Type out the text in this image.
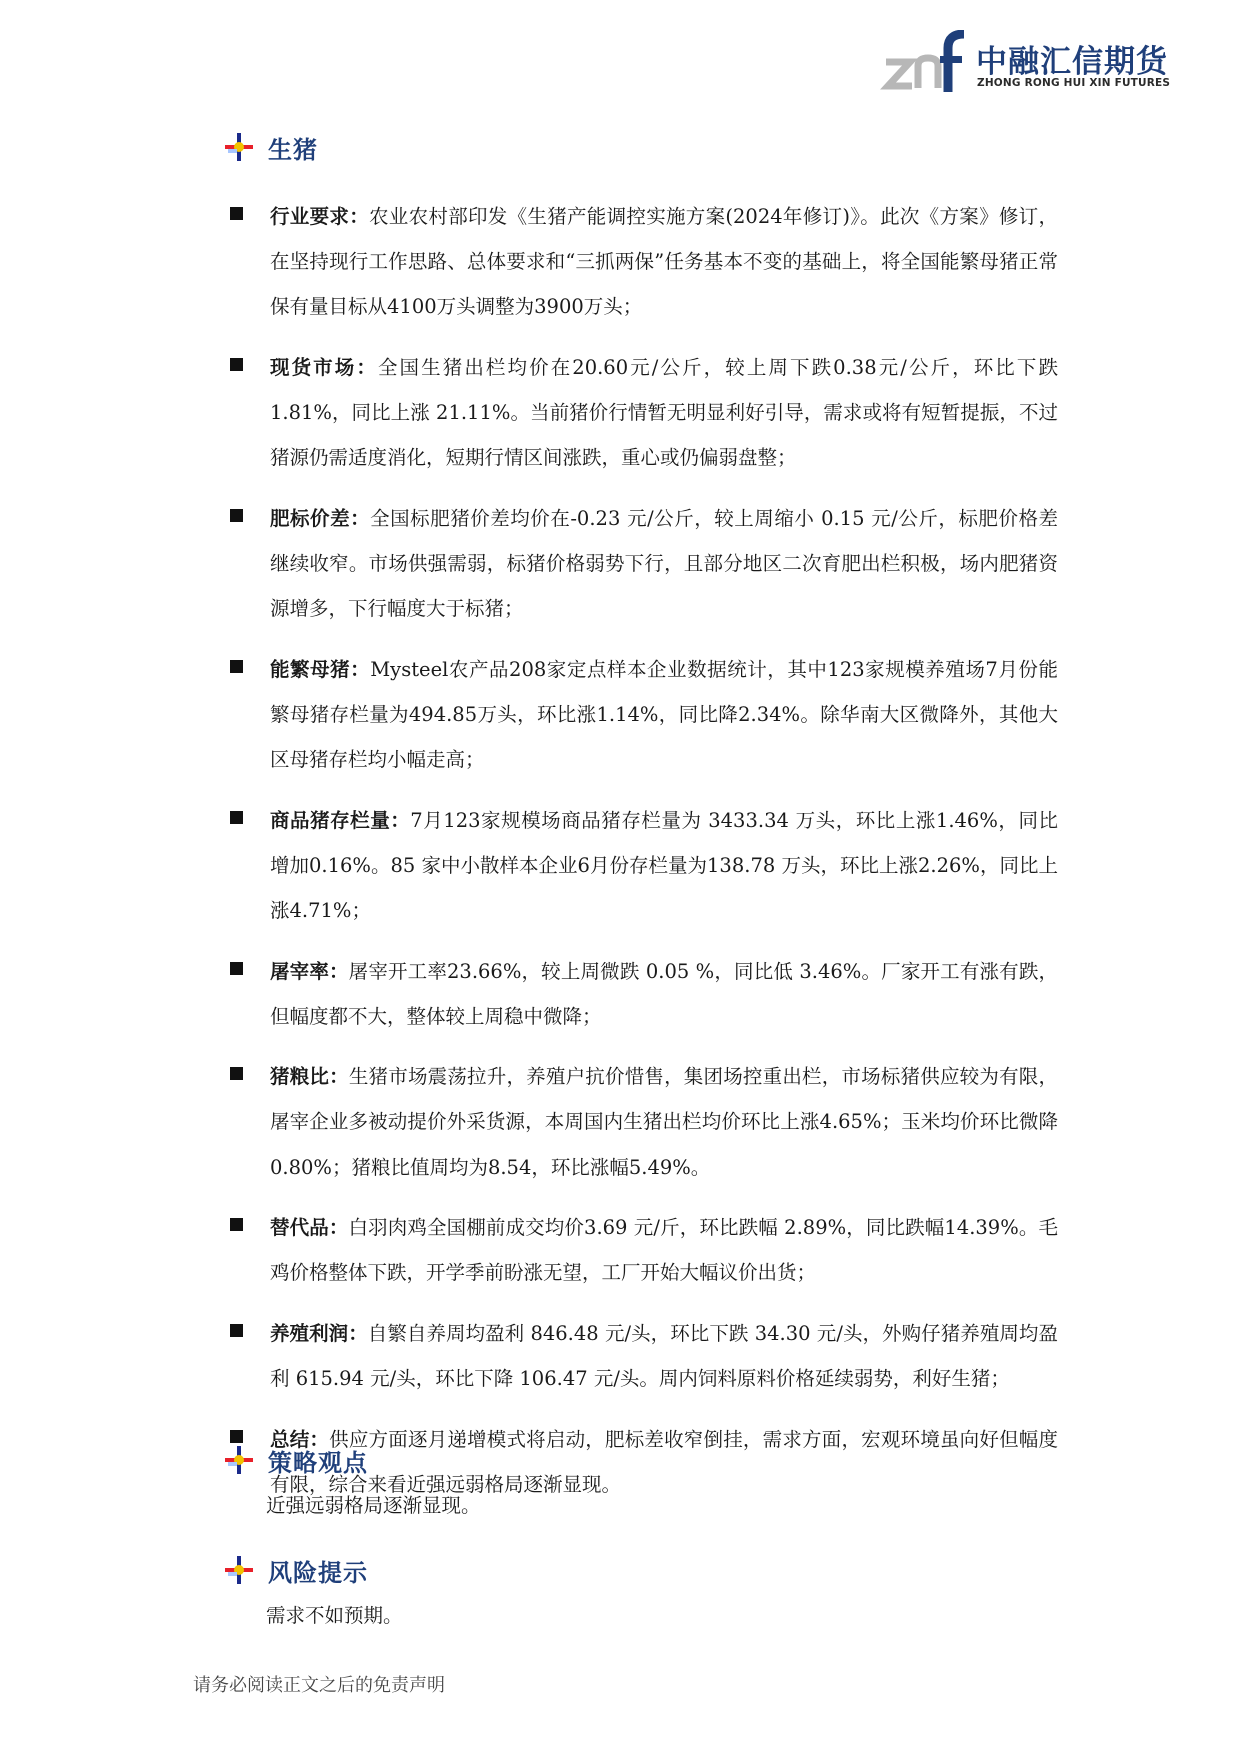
中融汇信期货
ZHONG RONG HUI XIN FUTURES
生猪
行业要求：农业农村部印发《生猪产能调控实施方案(2024年修订)》。此次《方案》修订，在坚持现行工作思路、总体要求和“三抓两保”任务基本不变的基础上，将全国能繁母猪正常保有量目标从4100万头调整为3900万头；
现货市场：全国生猪出栏均价在20.60元/公斤，较上周下跌0.38元/公斤，环比下跌 1.81%，同比上涨 21.11%。当前猪价行情暂无明显利好引导，需求或将有短暂提振，不过猪源仍需适度消化，短期行情区间涨跌，重心或仍偏弱盘整；
肥标价差：全国标肥猪价差均价在-0.23 元/公斤，较上周缩小 0.15 元/公斤，标肥价格差继续收窄。市场供强需弱，标猪价格弱势下行，且部分地区二次育肥出栏积极，场内肥猪资源增多，下行幅度大于标猪；
能繁母猪：Mysteel农产品208家定点样本企业数据统计，其中123家规模养殖场7月份能繁母猪存栏量为494.85万头，环比涨1.14%，同比降2.34%。除华南大区微降外，其他大区母猪存栏均小幅走高；
商品猪存栏量：7月123家规模场商品猪存栏量为 3433.34 万头，环比上涨1.46%，同比增加0.16%。85 家中小散样本企业6月份存栏量为138.78 万头，环比上涨2.26%，同比上涨4.71%；
屠宰率：屠宰开工率23.66%，较上周微跌 0.05 %，同比低 3.46%。厂家开工有涨有跌，但幅度都不大，整体较上周稳中微降；
猪粮比：生猪市场震荡拉升，养殖户抗价惜售，集团场控重出栏，市场标猪供应较为有限，屠宰企业多被动提价外采货源，本周国内生猪出栏均价环比上涨4.65%；玉米均价环比微降0.80%；猪粮比值周均为8.54，环比涨幅5.49%。
替代品：白羽肉鸡全国棚前成交均价3.69 元/斤，环比跌幅 2.89%，同比跌幅14.39%。毛鸡价格整体下跌，开学季前盼涨无望，工厂开始大幅议价出货；
养殖利润：自繁自养周均盈利 846.48 元/头，环比下跌 34.30 元/头，外购仔猪养殖周均盈利 615.94 元/头，环比下降 106.47 元/头。周内饲料原料价格延续弱势，利好生猪；
总结：供应方面逐月递增模式将启动，肥标差收窄倒挂，需求方面，宏观环境虽向好但幅度有限，综合来看近强远弱格局逐渐显现。
策略观点
近强远弱格局逐渐显现。
风险提示
需求不如预期。
请务必阅读正文之后的免责声明
